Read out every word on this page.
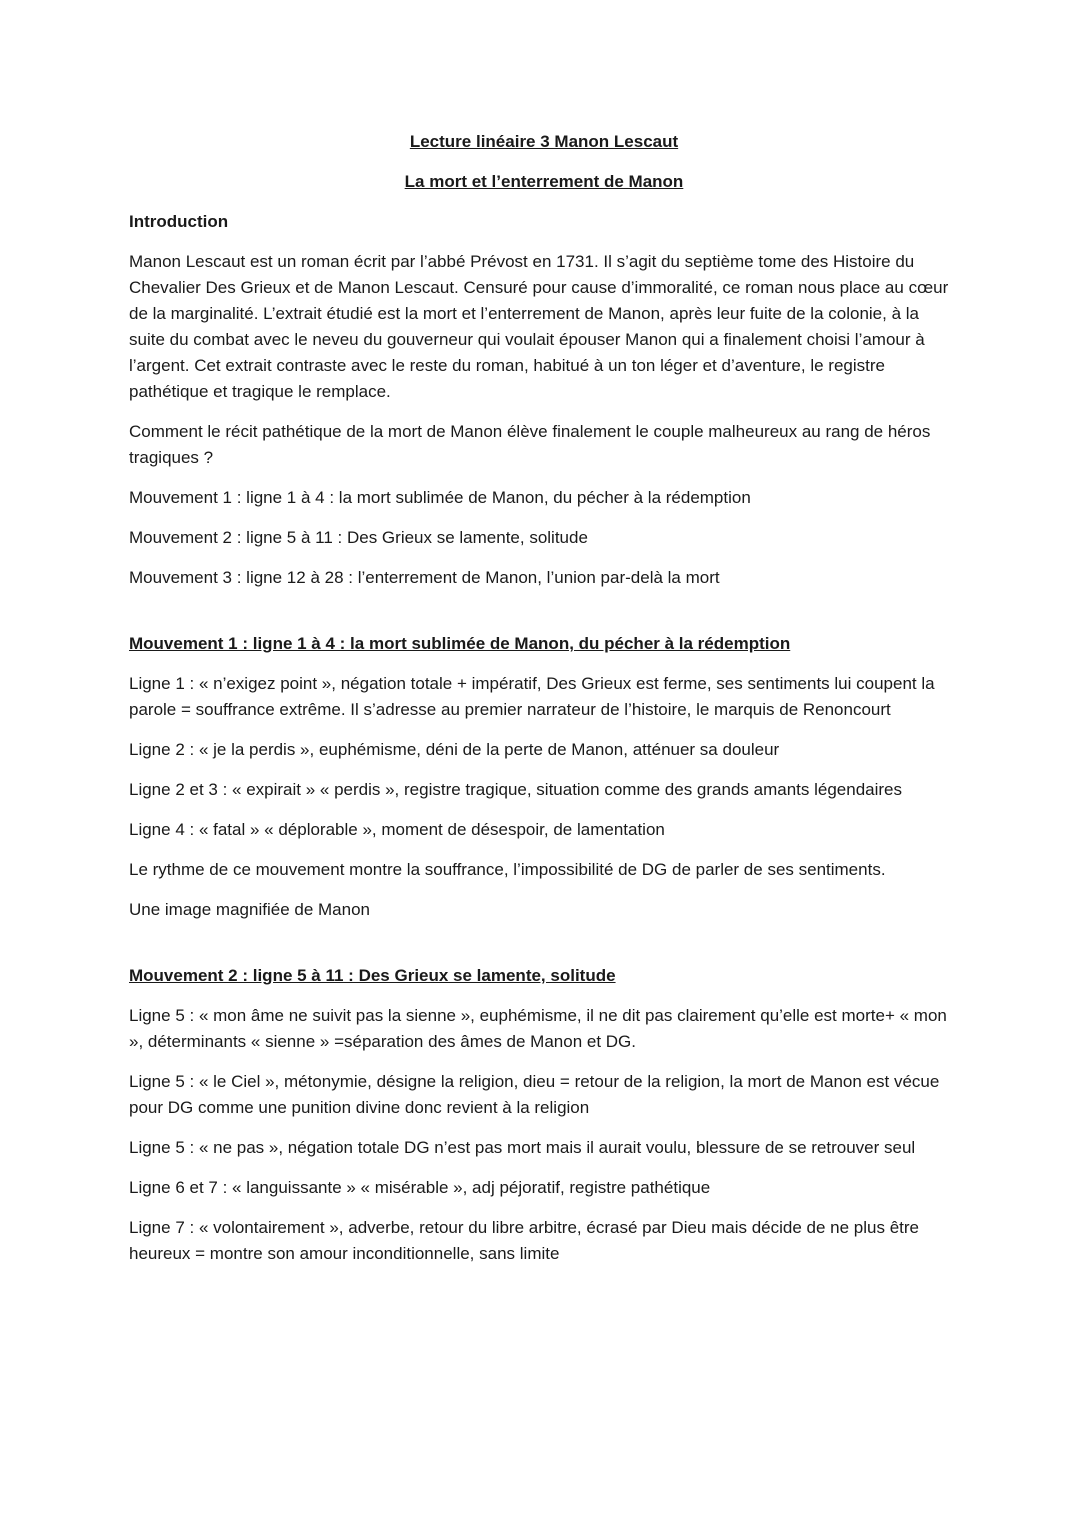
Lecture linéaire 3 Manon Lescaut

La mort et l’enterrement de Manon

Introduction

Manon Lescaut est un roman écrit par l’abbé Prévost en 1731. Il s’agit du septième tome des Histoire du Chevalier Des Grieux et de Manon Lescaut. Censuré pour cause d’immoralité, ce roman nous place au cœur de la marginalité. L’extrait étudié est la mort et l’enterrement de Manon, après leur fuite de la colonie, à la suite du combat avec le neveu du gouverneur qui voulait épouser Manon qui a finalement choisi l’amour à l’argent. Cet extrait contraste avec le reste du roman, habitué à un ton léger et d’aventure, le registre pathétique et tragique le remplace.

Comment le récit pathétique de la mort de Manon élève finalement le couple malheureux au rang de héros tragiques ?

Mouvement 1 : ligne 1 à 4 : la mort sublimée de Manon, du pécher à la rédemption

Mouvement 2 : ligne 5 à 11 : Des Grieux se lamente, solitude

Mouvement 3 : ligne 12 à 28 : l’enterrement de Manon, l’union par-delà la mort

Mouvement 1 : ligne 1 à 4 : la mort sublimée de Manon, du pécher à la rédemption

Ligne 1 : « n’exigez point », négation totale + impératif, Des Grieux est ferme, ses sentiments lui coupent la parole = souffrance extrême. Il s’adresse au premier narrateur de l’histoire, le marquis de Renoncourt

Ligne 2 : « je la perdis », euphémisme, déni de la perte de Manon, atténuer sa douleur

Ligne 2 et 3 : « expirait » « perdis », registre tragique, situation comme des grands amants légendaires

Ligne 4 : « fatal » « déplorable », moment de désespoir, de lamentation

Le rythme de ce mouvement montre la souffrance, l’impossibilité de DG de parler de ses sentiments.

Une image magnifiée de Manon

Mouvement 2 : ligne 5 à 11 : Des Grieux se lamente, solitude

Ligne 5 : « mon âme ne suivit pas la sienne », euphémisme, il ne dit pas clairement qu’elle est morte+ « mon », déterminants « sienne » =séparation des âmes de Manon et DG.

Ligne 5 : « le Ciel », métonymie, désigne la religion, dieu = retour de la religion, la mort de Manon est vécue pour DG comme une punition divine donc revient à la religion

Ligne 5 : « ne pas », négation totale DG n’est pas mort mais il aurait voulu, blessure de se retrouver seul

Ligne 6 et 7 : « languissante » « misérable », adj péjoratif, registre pathétique

Ligne 7 : « volontairement », adverbe, retour du libre arbitre, écrasé par Dieu mais décide de ne plus être heureux = montre son amour inconditionnelle, sans limite
